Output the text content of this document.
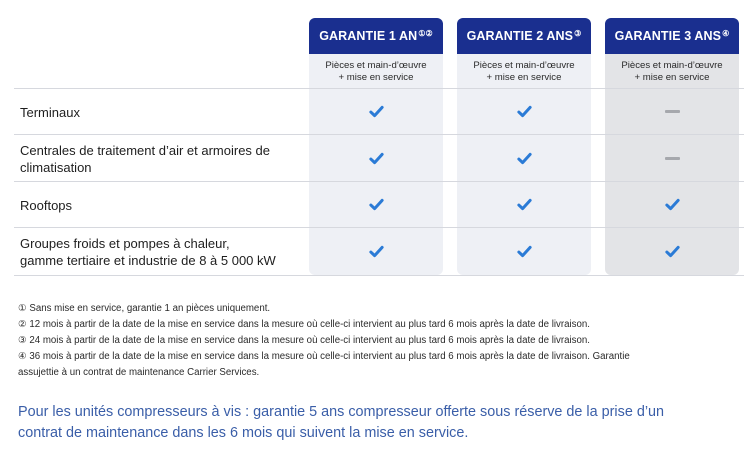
GARANTIE 1 AN①②	GARANTIE 2 ANS③	GARANTIE 3 ANS④
Pièces et main-d’œuvre
+ mise en service
Pièces et main-d’œuvre
+ mise en service
Pièces et main-d’œuvre
+ mise en service
Terminaux
Centrales de traitement d’air et armoires de
climatisation
Rooftops
Groupes froids et pompes à chaleur,
gamme tertiaire et industrie de 8 à 5 000 kW
① Sans mise en service, garantie 1 an pièces uniquement.
② 12 mois à partir de la date de la mise en service dans la mesure où celle-ci intervient au plus tard 6 mois après la date de livraison.
③ 24 mois à partir de la date de la mise en service dans la mesure où celle-ci intervient au plus tard 6 mois après la date de livraison.
④ 36 mois à partir de la date de la mise en service dans la mesure où celle-ci intervient au plus tard 6 mois après la date de livraison. Garantie
assujettie à un contrat de maintenance Carrier Services.
Pour les unités compresseurs à vis : garantie 5 ans compresseur offerte sous réserve de la prise d’un
contrat de maintenance dans les 6 mois qui suivent la mise en service.
